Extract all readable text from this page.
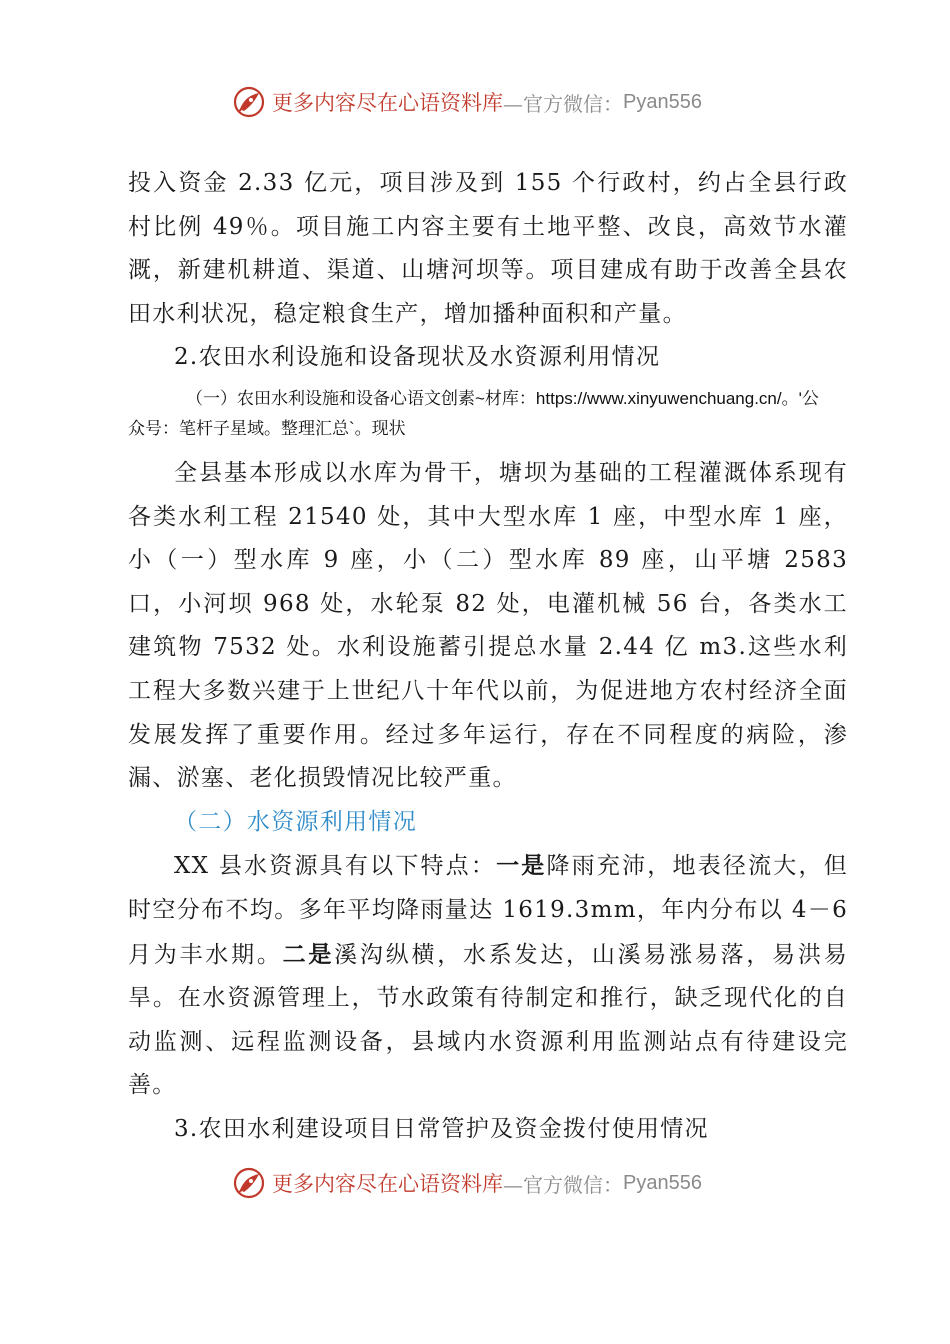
更多内容尽在心语资料库 —官方微信： Pyan556

投入资金 2.33 亿元，项目涉及到 155 个行政村，约占全县行政村比例 49％。项目施工内容主要有土地平整、改良，高效节水灌溉，新建机耕道、渠道、山塘河坝等。项目建成有助于改善全县农田水利状况，稳定粮食生产，增加播种面积和产量。

2.农田水利设施和设备现状及水资源利用情况

（一）农田水利设施和设备心语文创素~材库：https://www.xinyuwenchuang.cn/。'公
众号：笔杆子星域。整理汇总`。现状

全县基本形成以水库为骨干，塘坝为基础的工程灌溉体系现有各类水利工程 21540 处，其中大型水库 1 座，中型水库 1 座，小（一）型水库 9 座，小（二）型水库 89 座，山平塘 2583 口，小河坝 968 处，水轮泵 82 处，电灌机械 56 台，各类水工建筑物 7532 处。水利设施蓄引提总水量 2.44 亿 m3.这些水利工程大多数兴建于上世纪八十年代以前，为促进地方农村经济全面发展发挥了重要作用。经过多年运行，存在不同程度的病险，渗漏、淤塞、老化损毁情况比较严重。

（二）水资源利用情况

XX 县水资源具有以下特点：一是降雨充沛，地表径流大，但时空分布不均。多年平均降雨量达 1619.3mm，年内分布以 4－6 月为丰水期。二是溪沟纵横，水系发达，山溪易涨易落，易洪易旱。在水资源管理上，节水政策有待制定和推行，缺乏现代化的自动监测、远程监测设备，县域内水资源利用监测站点有待建设完善。

3.农田水利建设项目日常管护及资金拨付使用情况

更多内容尽在心语资料库 —官方微信： Pyan556
